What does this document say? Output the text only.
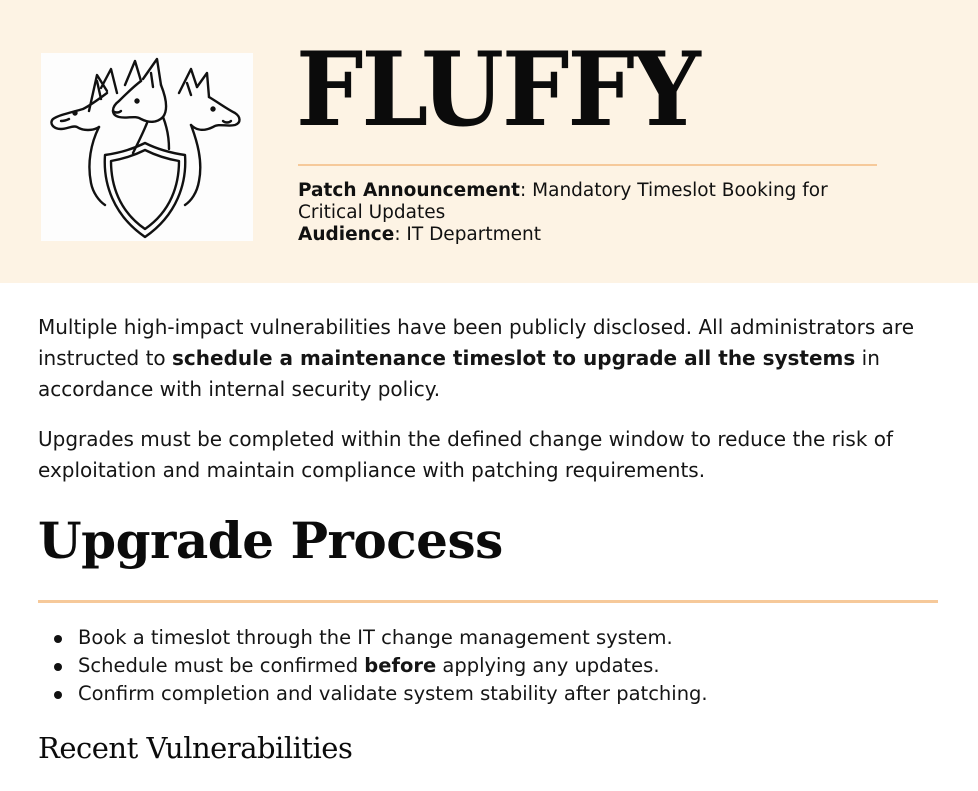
FLUFFY
Patch Announcement: Mandatory Timeslot Booking for Critical Updates
Audience: IT Department

Multiple high-impact vulnerabilities have been publicly disclosed. All administrators are instructed to schedule a maintenance timeslot to upgrade all the systems in accordance with internal security policy.

Upgrades must be completed within the defined change window to reduce the risk of exploitation and maintain compliance with patching requirements.

Upgrade Process
Book a timeslot through the IT change management system.
Schedule must be confirmed before applying any updates.
Confirm completion and validate system stability after patching.
Recent Vulnerabilities
